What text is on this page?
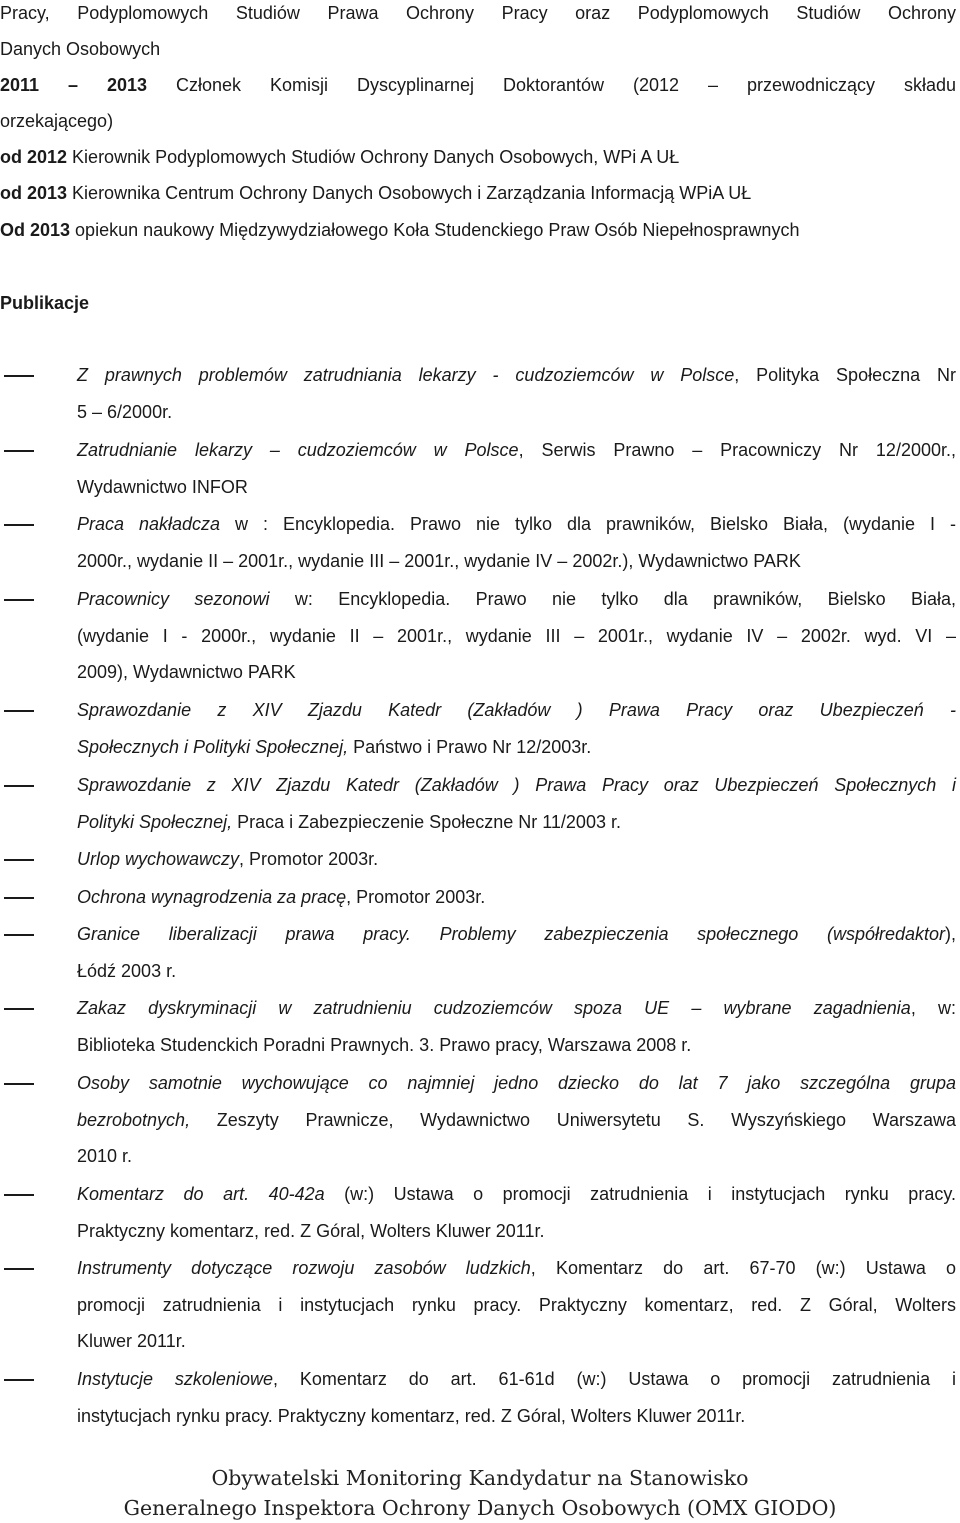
Pracy, Podyplomowych Studiów Prawa Ochrony Pracy oraz Podyplomowych Studiów Ochrony
Danych Osobowych
2011 – 2013 Członek Komisji Dyscyplinarnej Doktorantów (2012 – przewodniczący składu
orzekającego)
od 2012 Kierownik Podyplomowych Studiów Ochrony Danych Osobowych, WPi A UŁ
od 2013 Kierownika Centrum Ochrony Danych Osobowych i Zarządzania Informacją WPiA UŁ
Od 2013 opiekun naukowy Międzywydziałowego Koła Studenckiego Praw Osób Niepełnosprawnych
Publikacje
Z prawnych problemów zatrudniania lekarzy - cudzoziemców w Polsce, Polityka Społeczna Nr
5 – 6/2000r.
Zatrudnianie lekarzy – cudzoziemców w Polsce, Serwis Prawno – Pracowniczy Nr 12/2000r.,
Wydawnictwo INFOR
Praca nakładcza w : Encyklopedia. Prawo nie tylko dla prawników, Bielsko Biała, (wydanie I -
2000r., wydanie II – 2001r., wydanie III – 2001r., wydanie IV – 2002r.), Wydawnictwo PARK
Pracownicy sezonowi w: Encyklopedia. Prawo nie tylko dla prawników, Bielsko Biała,
(wydanie I - 2000r., wydanie II – 2001r., wydanie III – 2001r., wydanie IV – 2002r. wyd. VI –
2009), Wydawnictwo PARK
Sprawozdanie z XIV Zjazdu Katedr (Zakładów ) Prawa Pracy oraz Ubezpieczeń -
Społecznych i Polityki Społecznej, Państwo i Prawo Nr 12/2003r.
Sprawozdanie z XIV Zjazdu Katedr (Zakładów ) Prawa Pracy oraz Ubezpieczeń Społecznych i
Polityki Społecznej, Praca i Zabezpieczenie Społeczne Nr 11/2003 r.
Urlop wychowawczy, Promotor 2003r.
Ochrona wynagrodzenia za pracę, Promotor 2003r.
Granice liberalizacji prawa pracy. Problemy zabezpieczenia społecznego (współredaktor),
Łódź 2003 r.
Zakaz dyskryminacji w zatrudnieniu cudzoziemców spoza UE – wybrane zagadnienia, w:
Biblioteka Studenckich Poradni Prawnych. 3. Prawo pracy, Warszawa 2008 r.
Osoby samotnie wychowujące co najmniej jedno dziecko do lat 7 jako szczególna grupa
bezrobotnych, Zeszyty Prawnicze, Wydawnictwo Uniwersytetu S. Wyszyńskiego Warszawa
2010 r.
Komentarz do art. 40-42a (w:) Ustawa o promocji zatrudnienia i instytucjach rynku pracy.
Praktyczny komentarz, red. Z Góral, Wolters Kluwer 2011r.
Instrumenty dotyczące rozwoju zasobów ludzkich, Komentarz do art. 67-70 (w:) Ustawa o
promocji zatrudnienia i instytucjach rynku pracy. Praktyczny komentarz, red. Z Góral, Wolters
Kluwer 2011r.
Instytucje szkoleniowe, Komentarz do art. 61-61d (w:) Ustawa o promocji zatrudnienia i
instytucjach rynku pracy. Praktyczny komentarz, red. Z Góral, Wolters Kluwer 2011r.
Obywatelski Monitoring Kandydatur na Stanowisko
Generalnego Inspektora Ochrony Danych Osobowych (OMX GIODO)
